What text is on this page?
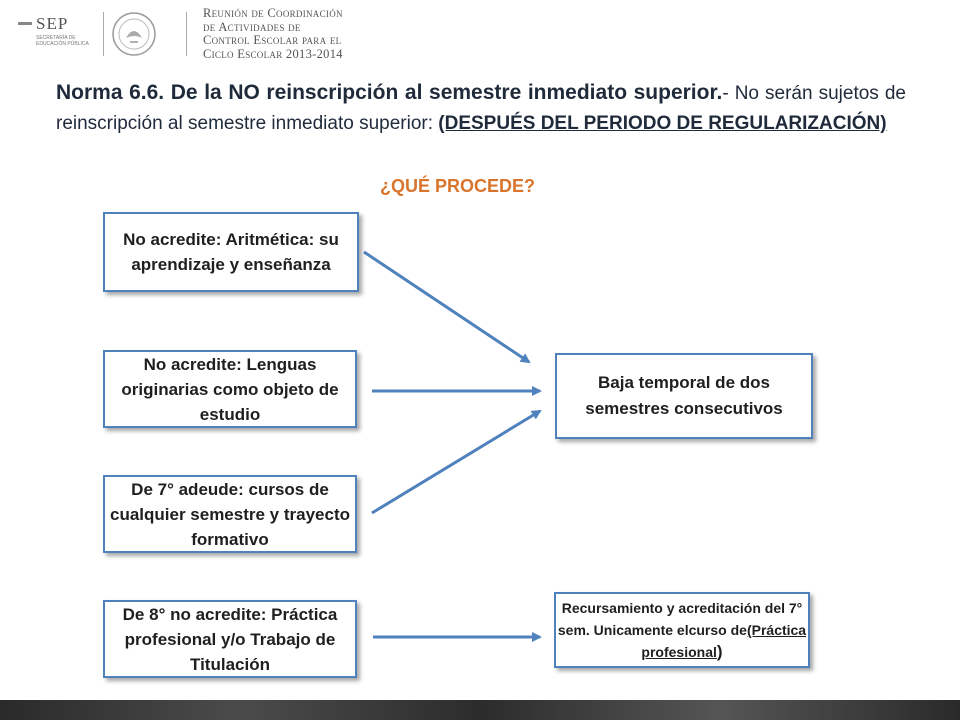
SEP
SECRETARÍA DE EDUCACIÓN PÚBLICA
Reunión de Coordinación
de Actividades de
Control Escolar para el
Ciclo Escolar 2013-2014
Norma 6.6. De la NO reinscripción al semestre inmediato superior.- No serán sujetos de reinscripción al semestre inmediato superior: (DESPUÉS DEL PERIODO DE REGULARIZACIÓN)
¿QUÉ PROCEDE?
No acredite: Aritmética: su aprendizaje y enseñanza
No acredite: Lenguas originarias como objeto de estudio
De 7° adeude: cursos de cualquier semestre y trayecto formativo
De 8° no acredite: Práctica profesional y/o Trabajo de Titulación
Baja temporal de dos semestres consecutivos
Recursamiento y acreditación del 7° sem. Unicamente elcurso de(Práctica profesional)
